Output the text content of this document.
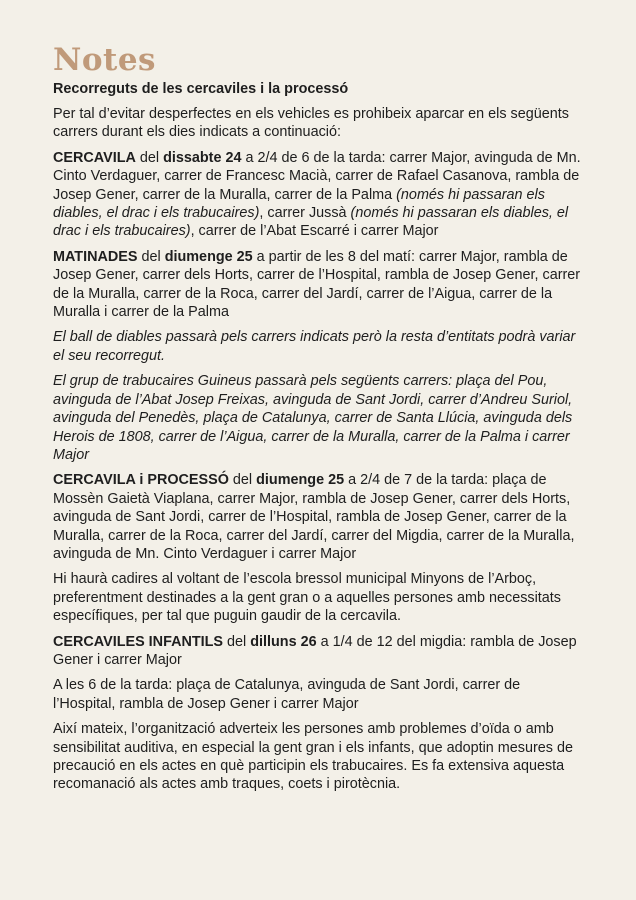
Notes
Recorreguts de les cercaviles i la processó

Per tal d’evitar desperfectes en els vehicles es prohibeix aparcar en els següents carrers durant els dies indicats a continuació:

CERCAVILA del dissabte 24 a 2/4 de 6 de la tarda: carrer Major, avinguda de Mn. Cinto Verdaguer, carrer de Francesc Macià, carrer de Rafael Casanova, rambla de Josep Gener, carrer de la Muralla, carrer de la Palma (només hi passaran els diables, el drac i els trabucaires), carrer Jussà (només hi passaran els diables, el drac i els trabucaires), carrer de l’Abat Escarré i carrer Major

MATINADES del diumenge 25 a partir de les 8 del matí: carrer Major, rambla de Josep Gener, carrer dels Horts, carrer de l’Hospital, rambla de Josep Gener, carrer de la Muralla, carrer de la Roca, carrer del Jardí, carrer de l’Aigua, carrer de la Muralla i carrer de la Palma

El ball de diables passarà pels carrers indicats però la resta d’entitats podrà variar el seu recorregut.

El grup de trabucaires Guineus passarà pels següents carrers: plaça del Pou, avinguda de l’Abat Josep Freixas, avinguda de Sant Jordi, carrer d’Andreu Suriol, avinguda del Penedès, plaça de Catalunya, carrer de Santa Llúcia, avinguda dels Herois de 1808, carrer de l’Aigua, carrer de la Muralla, carrer de la Palma i carrer Major

CERCAVILA i PROCESSÓ del diumenge 25 a 2/4 de 7 de la tarda: plaça de Mossèn Gaietà Viaplana, carrer Major, rambla de Josep Gener, carrer dels Horts, avinguda de Sant Jordi, carrer de l’Hospital, rambla de Josep Gener, carrer de la Muralla, carrer de la Roca, carrer del Jardí, carrer del Migdia, carrer de la Muralla, avinguda de Mn. Cinto Verdaguer i carrer Major

Hi haurà cadires al voltant de l’escola bressol municipal Minyons de l’Arboç, preferentment destinades a la gent gran o a aquelles persones amb necessitats específiques, per tal que puguin gaudir de la cercavila.

CERCAVILES INFANTILS del dilluns 26 a 1/4 de 12 del migdia: rambla de Josep Gener i carrer Major

A les 6 de la tarda: plaça de Catalunya, avinguda de Sant Jordi, carrer de l’Hospital, rambla de Josep Gener i carrer Major

Així mateix, l’organització adverteix les persones amb problemes d’oïda o amb sensibilitat auditiva, en especial la gent gran i els infants, que adoptin mesures de precaució en els actes en què participin els trabucaires. Es fa extensiva aquesta recomanació als actes amb traques, coets i pirotècnia.
